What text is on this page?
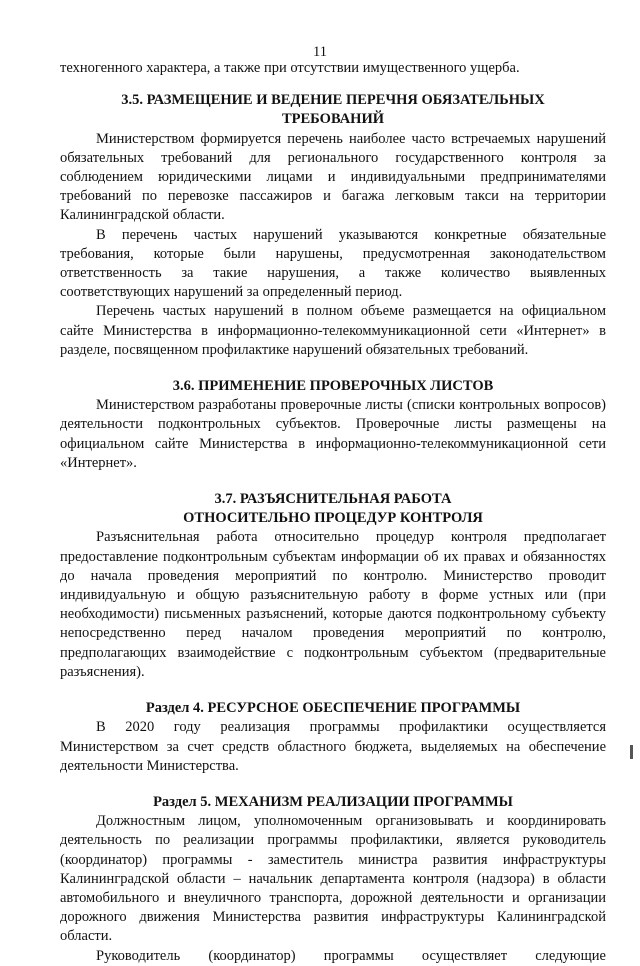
11

техногенного характера, а также при отсутствии имущественного ущерба.

3.5. РАЗМЕЩЕНИЕ И ВЕДЕНИЕ ПЕРЕЧНЯ ОБЯЗАТЕЛЬНЫХ
ТРЕБОВАНИЙ

Министерством формируется перечень наиболее часто встречаемых нарушений обязательных требований для регионального государственного контроля за соблюдением юридическими лицами и индивидуальными предпринимателями требований по перевозке пассажиров и багажа легковым такси на территории Калининградской области.

В перечень частых нарушений указываются конкретные обязательные требования, которые были нарушены, предусмотренная законодательством ответственность за такие нарушения, а также количество выявленных соответствующих нарушений за определенный период.

Перечень частых нарушений в полном объеме размещается на официальном сайте Министерства в информационно-телекоммуникационной сети «Интернет» в разделе, посвященном профилактике нарушений обязательных требований.

3.6. ПРИМЕНЕНИЕ ПРОВЕРОЧНЫХ ЛИСТОВ

Министерством разработаны проверочные листы (списки контрольных вопросов) деятельности подконтрольных субъектов. Проверочные листы размещены на официальном сайте Министерства в информационно-телекоммуникационной сети «Интернет».

3.7. РАЗЪЯСНИТЕЛЬНАЯ РАБОТА
ОТНОСИТЕЛЬНО ПРОЦЕДУР КОНТРОЛЯ

Разъяснительная работа относительно процедур контроля предполагает предоставление подконтрольным субъектам информации об их правах и обязанностях до начала проведения мероприятий по контролю. Министерство проводит индивидуальную и общую разъяснительную работу в форме устных или (при необходимости) письменных разъяснений, которые даются подконтрольному субъекту непосредственно перед началом проведения мероприятий по контролю, предполагающих взаимодействие с подконтрольным субъектом (предварительные разъяснения).

Раздел 4. РЕСУРСНОЕ ОБЕСПЕЧЕНИЕ ПРОГРАММЫ

В 2020 году реализация программы профилактики осуществляется Министерством за счет средств областного бюджета, выделяемых на обеспечение деятельности Министерства.

Раздел 5. МЕХАНИЗМ РЕАЛИЗАЦИИ ПРОГРАММЫ

Должностным лицом, уполномоченным организовывать и координировать деятельность по реализации программы профилактики, является руководитель (координатор) программы - заместитель министра развития инфраструктуры Калининградской области – начальник департамента контроля (надзора) в области автомобильного и внеуличного транспорта, дорожной деятельности и организации дорожного движения Министерства развития инфраструктуры Калининградской области.

Руководитель (координатор) программы осуществляет следующие
